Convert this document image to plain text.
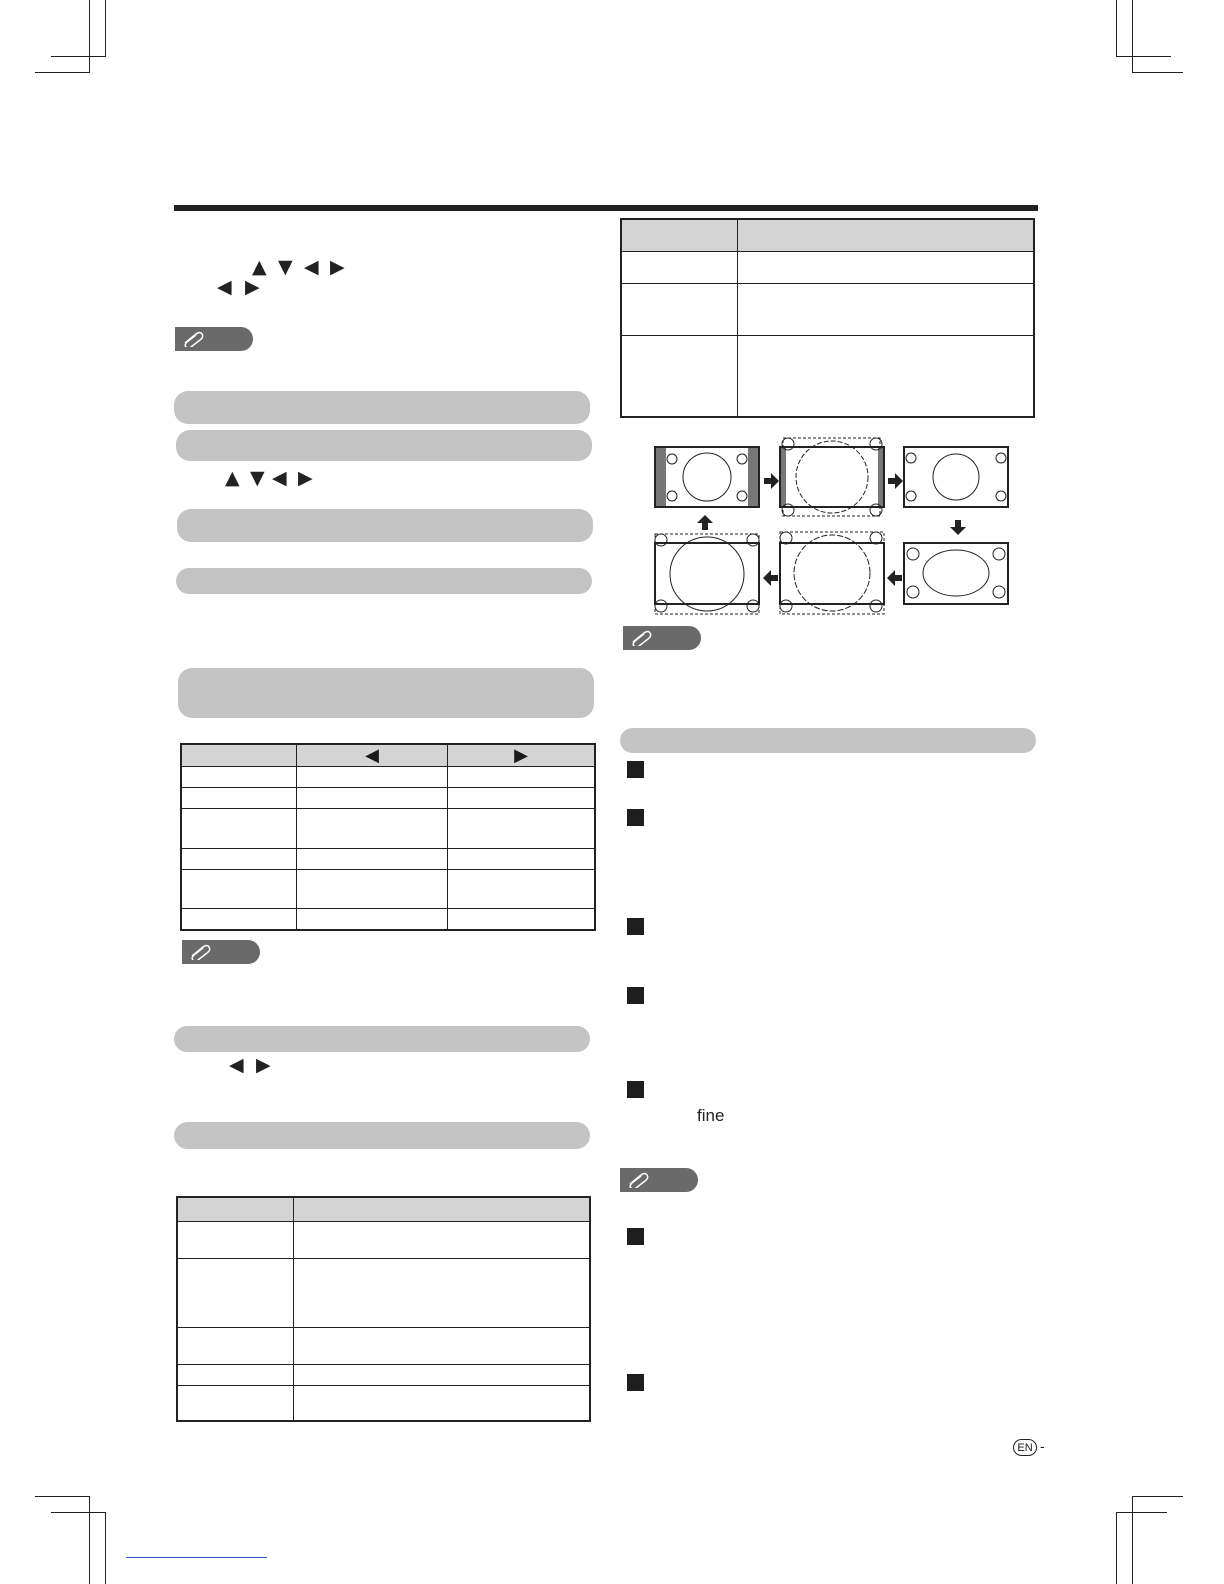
▲ ▼ ◀ ▶
◀ ▶
▲ ▼ ◀ ▶
	◀	▶

◀ ▶

fine
EN -
